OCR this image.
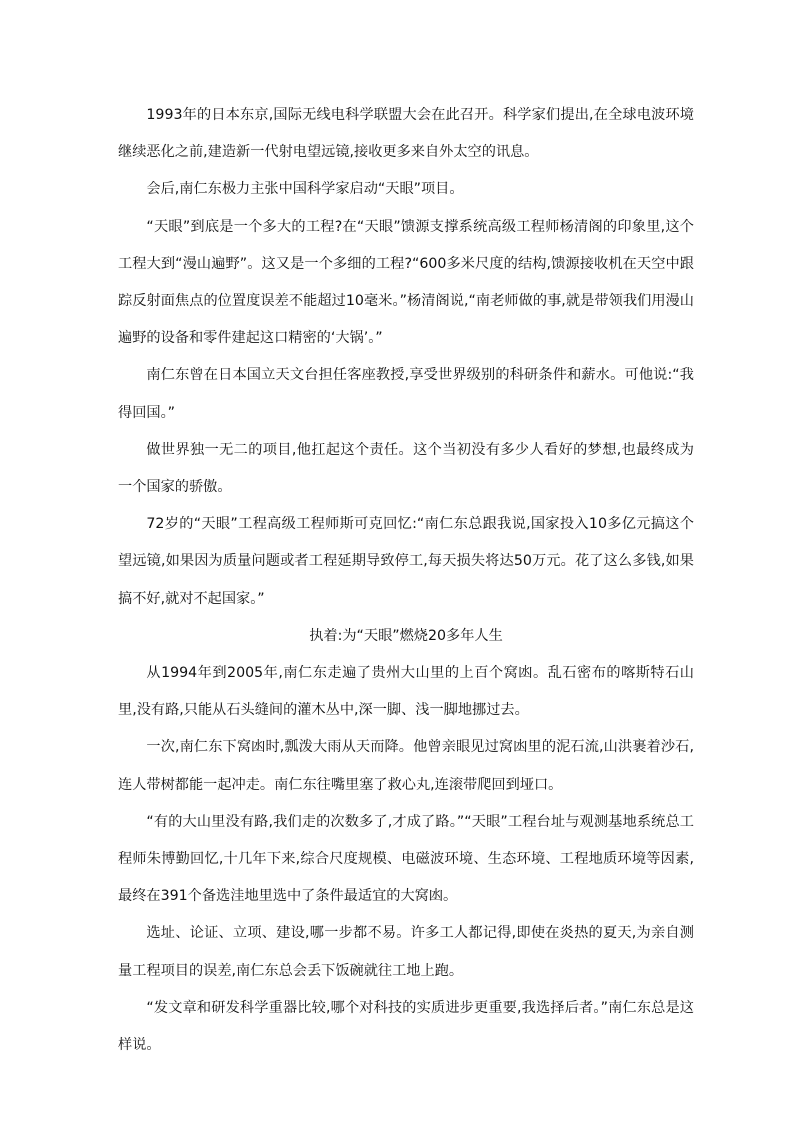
1993年的日本东京,国际无线电科学联盟大会在此召开。科学家们提出,在全球电波环境继续恶化之前,建造新一代射电望远镜,接收更多来自外太空的讯息。

会后,南仁东极力主张中国科学家启动“天眼”项目。

“天眼”到底是一个多大的工程?在“天眼”馈源支撑系统高级工程师杨清阁的印象里,这个工程大到“漫山遍野”。这又是一个多细的工程?“600多米尺度的结构,馈源接收机在天空中跟踪反射面焦点的位置度误差不能超过10毫米。”杨清阁说,“南老师做的事,就是带领我们用漫山遍野的设备和零件建起这口精密的‘大锅’。”

南仁东曾在日本国立天文台担任客座教授,享受世界级别的科研条件和薪水。可他说:“我得回国。”

做世界独一无二的项目,他扛起这个责任。这个当初没有多少人看好的梦想,也最终成为一个国家的骄傲。

72岁的“天眼”工程高级工程师斯可克回忆:“南仁东总跟我说,国家投入10多亿元搞这个望远镜,如果因为质量问题或者工程延期导致停工,每天损失将达50万元。花了这么多钱,如果搞不好,就对不起国家。”

执着:为“天眼”燃烧20多年人生

从1994年到2005年,南仁东走遍了贵州大山里的上百个窝凼。乱石密布的喀斯特石山里,没有路,只能从石头缝间的灌木丛中,深一脚、浅一脚地挪过去。

一次,南仁东下窝凼时,瓢泼大雨从天而降。他曾亲眼见过窝凼里的泥石流,山洪裹着沙石,连人带树都能一起冲走。南仁东往嘴里塞了救心丸,连滚带爬回到垭口。

“有的大山里没有路,我们走的次数多了,才成了路。”“天眼”工程台址与观测基地系统总工程师朱博勤回忆,十几年下来,综合尺度规模、电磁波环境、生态环境、工程地质环境等因素,最终在391个备选洼地里选中了条件最适宜的大窝凼。

选址、论证、立项、建设,哪一步都不易。许多工人都记得,即使在炎热的夏天,为亲自测量工程项目的误差,南仁东总会丢下饭碗就往工地上跑。

“发文章和研发科学重器比较,哪个对科技的实质进步更重要,我选择后者。”南仁东总是这样说。
